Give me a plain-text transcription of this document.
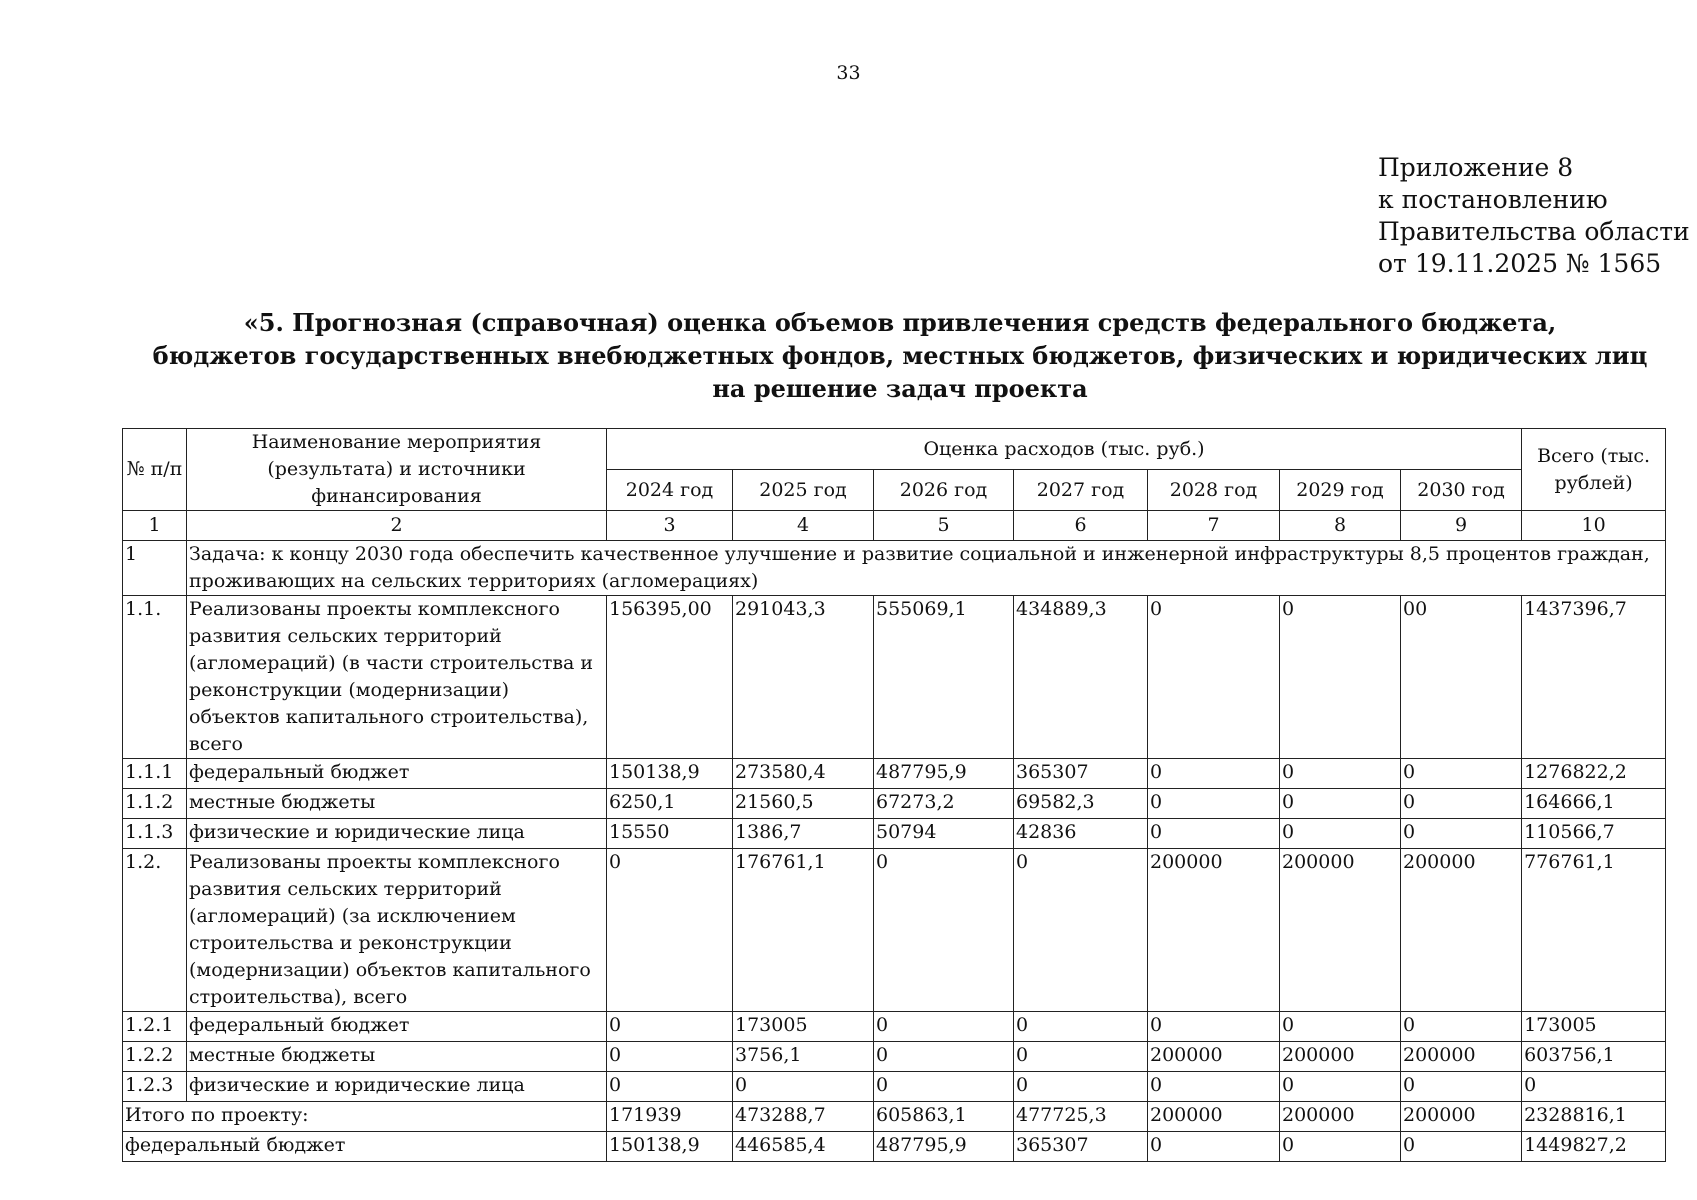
33
Приложение 8
к постановлению
Правительства области
от 19.11.2025 № 1565
«5. Прогнозная (справочная) оценка объемов привлечения средств федерального бюджета,
бюджетов государственных внебюджетных фондов, местных бюджетов, физических и юридических лиц
на решение задач проекта
№ п/п	Наименование мероприятия (результата) и источники финансирования	Оценка расходов (тыс. руб.)							Всего (тыс. рублей)
		2024 год	2025 год	2026 год	2027 год	2028 год	2029 год	2030 год	
1	2	3	4	5	6	7	8	9	10
1	Задача: к концу 2030 года обеспечить качественное улучшение и развитие социальной и инженерной инфраструктуры 8,5 процентов граждан, проживающих на сельских территориях (агломерациях)								
1.1.	Реализованы проекты комплексного развития сельских территорий (агломераций) (в части строительства и реконструкции (модернизации) объектов капитального строительства), всего	156395,00	291043,3	555069,1	434889,3	0	0	00	1437396,7
1.1.1	федеральный бюджет	150138,9	273580,4	487795,9	365307	0	0	0	1276822,2
1.1.2	местные бюджеты	6250,1	21560,5	67273,2	69582,3	0	0	0	164666,1
1.1.3	физические и юридические лица	15550	1386,7	50794	42836	0	0	0	110566,7
1.2.	Реализованы проекты комплексного развития сельских территорий (агломераций) (за исключением строительства и реконструкции (модернизации) объектов капитального строительства), всего	0	176761,1	0	0	200000	200000	200000	776761,1
1.2.1	федеральный бюджет	0	173005	0	0	0	0	0	173005
1.2.2	местные бюджеты	0	3756,1	0	0	200000	200000	200000	603756,1
1.2.3	физические и юридические лица	0	0	0	0	0	0	0	0
Итого по проекту:		171939	473288,7	605863,1	477725,3	200000	200000	200000	2328816,1
федеральный бюджет		150138,9	446585,4	487795,9	365307	0	0	0	1449827,2
